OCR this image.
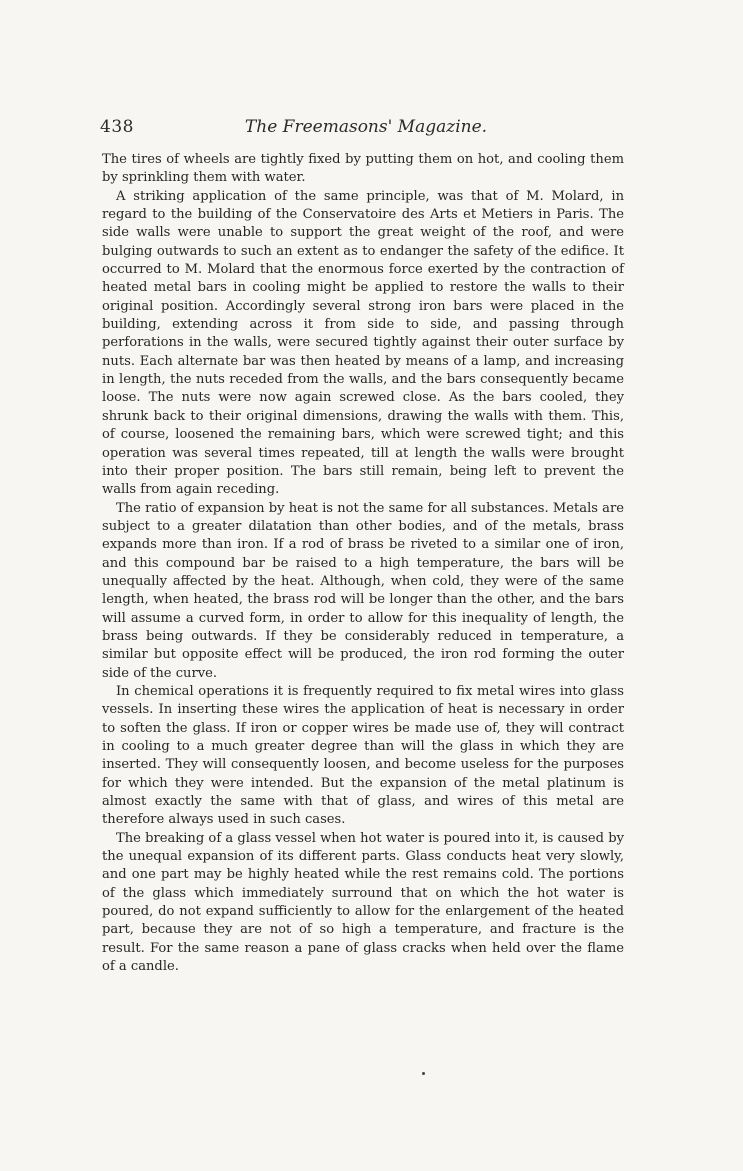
438	The Freemasons' Magazine.

The tires of wheels are tightly fixed by putting them on hot, and cooling them by sprinkling them with water.

A striking application of the same principle, was that of M. Molard, in regard to the building of the Conservatoire des Arts et Metiers in Paris. The side walls were unable to support the great weight of the roof, and were bulging outwards to such an extent as to endanger the safety of the edifice. It occurred to M. Molard that the enormous force exerted by the contraction of heated metal bars in cooling might be applied to restore the walls to their original position. Accordingly several strong iron bars were placed in the building, extending across it from side to side, and passing through perforations in the walls, were secured tightly against their outer surface by nuts. Each alternate bar was then heated by means of a lamp, and increasing in length, the nuts receded from the walls, and the bars consequently became loose. The nuts were now again screwed close. As the bars cooled, they shrunk back to their original dimensions, drawing the walls with them. This, of course, loosened the remaining bars, which were screwed tight; and this operation was several times repeated, till at length the walls were brought into their proper position. The bars still remain, being left to prevent the walls from again receding.

The ratio of expansion by heat is not the same for all substances. Metals are subject to a greater dilatation than other bodies, and of the metals, brass expands more than iron. If a rod of brass be riveted to a similar one of iron, and this compound bar be raised to a high temperature, the bars will be unequally affected by the heat. Although, when cold, they were of the same length, when heated, the brass rod will be longer than the other, and the bars will assume a curved form, in order to allow for this inequality of length, the brass being outwards. If they be considerably reduced in temperature, a similar but opposite effect will be produced, the iron rod forming the outer side of the curve.

In chemical operations it is frequently required to fix metal wires into glass vessels. In inserting these wires the application of heat is necessary in order to soften the glass. If iron or copper wires be made use of, they will contract in cooling to a much greater degree than will the glass in which they are inserted. They will consequently loosen, and become useless for the purposes for which they were intended. But the expansion of the metal platinum is almost exactly the same with that of glass, and wires of this metal are therefore always used in such cases.

The breaking of a glass vessel when hot water is poured into it, is caused by the unequal expansion of its different parts. Glass conducts heat very slowly, and one part may be highly heated while the rest remains cold. The portions of the glass which immediately surround that on which the hot water is poured, do not expand sufficiently to allow for the enlargement of the heated part, because they are not of so high a temperature, and fracture is the result. For the same reason a pane of glass cracks when held over the flame of a candle.
